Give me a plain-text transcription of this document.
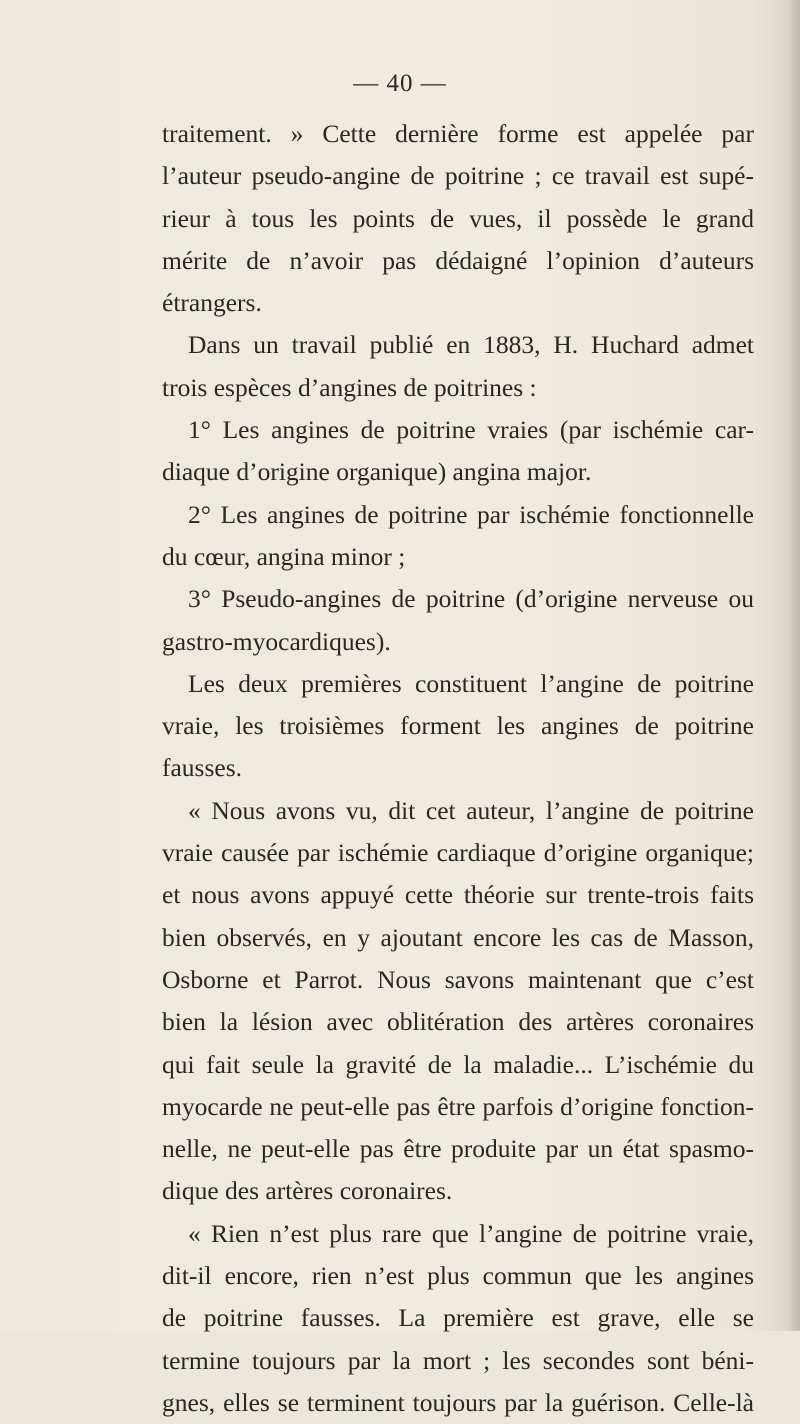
— 40 —
traitement. » Cette dernière forme est appelée par
l’auteur pseudo-angine de poitrine ; ce travail est supé-
rieur à tous les points de vues, il possède le grand
mérite de n’avoir pas dédaigné l’opinion d’auteurs
étrangers.
Dans un travail publié en 1883, H. Huchard admet
trois espèces d’angines de poitrines :
1° Les angines de poitrine vraies (par ischémie car-
diaque d’origine organique) angina major.
2° Les angines de poitrine par ischémie fonctionnelle
du cœur, angina minor ;
3° Pseudo-angines de poitrine (d’origine nerveuse ou
gastro-myocardiques).
Les deux premières constituent l’angine de poitrine
vraie, les troisièmes forment les angines de poitrine
fausses.
« Nous avons vu, dit cet auteur, l’angine de poitrine
vraie causée par ischémie cardiaque d’origine organique;
et nous avons appuyé cette théorie sur trente-trois faits
bien observés, en y ajoutant encore les cas de Masson,
Osborne et Parrot. Nous savons maintenant que c’est
bien la lésion avec oblitération des artères coronaires
qui fait seule la gravité de la maladie... L’ischémie du
myocarde ne peut-elle pas être parfois d’origine fonction-
nelle, ne peut-elle pas être produite par un état spasmo-
dique des artères coronaires.
« Rien n’est plus rare que l’angine de poitrine vraie,
dit-il encore, rien n’est plus commun que les angines
de poitrine fausses. La première est grave, elle se
termine toujours par la mort ; les secondes sont béni-
gnes, elles se terminent toujours par la guérison. Celle-là
